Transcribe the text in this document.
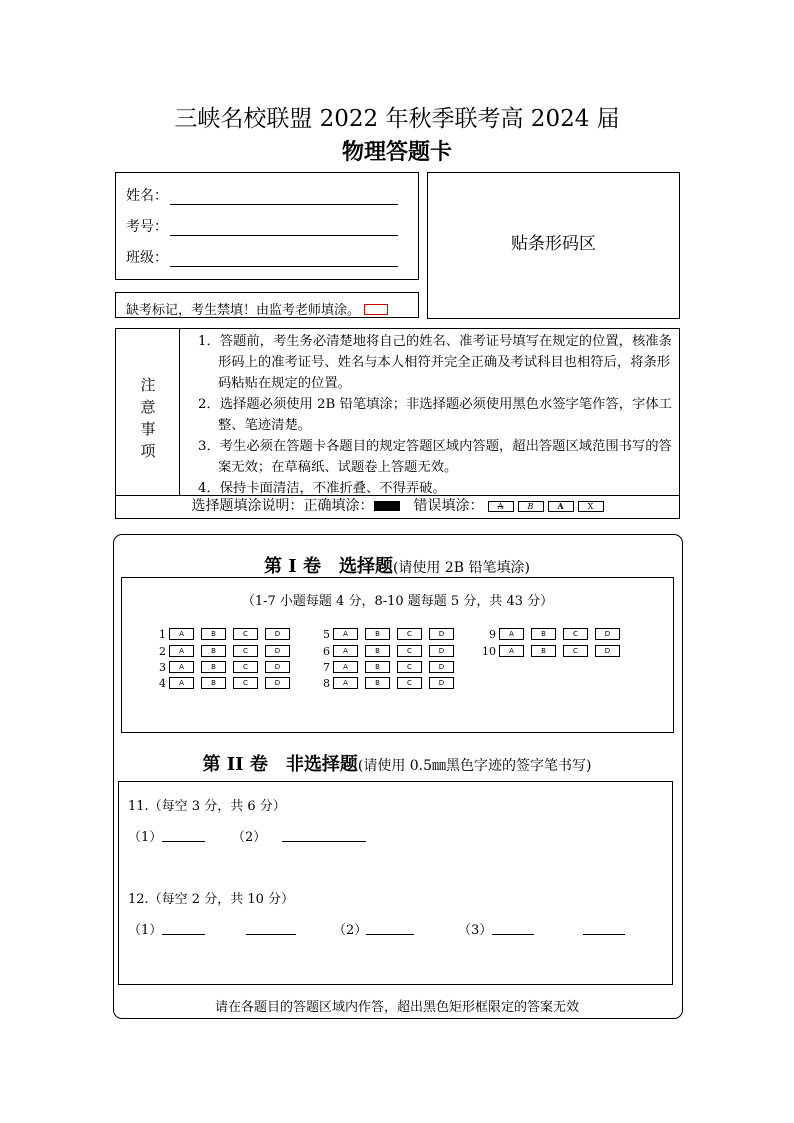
三峡名校联盟 2022 年秋季联考高 2024 届
物理答题卡
姓名：
考号：
班级：
贴条形码区
缺考标记，考生禁填！由监考老师填涂。
注
意
事
项
1．答题前，考生务必清楚地将自己的姓名、准考证号填写在规定的位置，核准条形码上的准考证号、姓名与本人相符并完全正确及考试科目也相符后，将条形码粘贴在规定的位置。
2．选择题必须使用 2B 铅笔填涂；非选择题必须使用黑色水签字笔作答，字体工整、笔迹清楚。
3．考生必须在答题卡各题目的规定答题区域内答题，超出答题区域范围书写的答案无效；在草稿纸、试题卷上答题无效。
4．保持卡面清洁，不准折叠、不得弄破。
选择题填涂说明：正确填涂：	错误填涂： A	B	A	X
第 I 卷　选择题(请使用 2B 铅笔填涂)
（1-7 小题每题 4 分，8-10 题每题 5 分，共 43 分）
1	A	B	C	D
2	A	B	C	D
3	A	B	C	D
4	A	B	C	D
5	A	B	C	D
6	A	B	C	D
7	A	B	C	D
8	A	B	C	D
9	A	B	C	D
10	A	B	C	D
第 II 卷　非选择题(请使用 0.5㎜黑色字迹的签字笔书写)
11.（每空 3 分，共 6 分）
（1）	（2）
12.（每空 2 分，共 10 分）
（1）	（2）	（3）
请在各题目的答题区域内作答，超出黑色矩形框限定的答案无效
